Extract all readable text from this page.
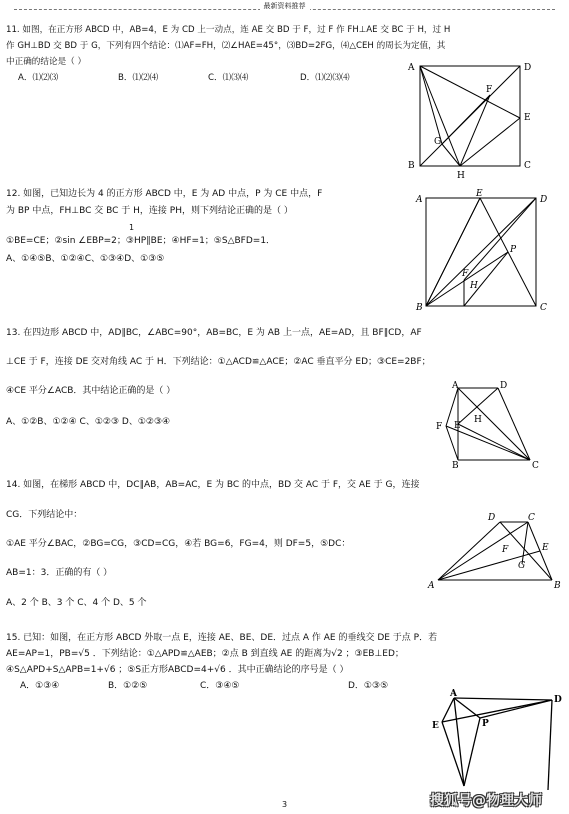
最新资料推荐
11. 如图，在正方形 ABCD 中，AB=4，E 为 CD 上一动点，连 AE 交 BD 于 F，过 F 作 FH⊥AE 交 BC 于 H，过 H
作 GH⊥BD 交 BD 于 G，下列有四个结论：⑴AF=FH，⑵∠HAE=45°，⑶BD=2FG，⑷△CEH 的周长为定值，其
中正确的结论是（ ）
A．⑴⑵⑶	B．⑴⑵⑷	C．⑴⑶⑷	D．⑴⑵⑶⑷
A
B	C
D
E
F
G
H
12. 如图，已知边长为 4 的正方形 ABCD 中，E 为 AD 中点，P 为 CE 中点，F
为 BP 中点，FH⊥BC 交 BC 于 H，连接 PH，则下列结论正确的是（ ）
1
①BE=CE；②sin ∠EBP=2；③HP∥BE；④HF=1；⑤S△BFD=1．
A、①④⑤B、①②④C、①③④D、①③⑤
A
B	C
D
E
F
H
P
13. 在四边形 ABCD 中，AD∥BC，∠ABC=90°，AB=BC，E 为 AB 上一点，AE=AD，且 BF∥CD，AF
⊥CE 于 F，连接 DE 交对角线 AC 于 H．下列结论：①△ACD≌△ACE；②AC 垂直平分 ED；③CE=2BF；
④CE 平分∠ACB．其中结论正确的是（ ）
A、①②B、①②④ C、①②③ D、①②③④
A
B	C
D
E
F
H
14. 如图，在梯形 ABCD 中，DC∥AB，AB=AC，E 为 BC 的中点，BD 交 AC 于 F，交 AE 于 G，连接
CG．下列结论中：
①AE 平分∠BAC，②BG=CG，③CD=CG，④若 BG=6，FG=4，则 DF=5，⑤DC：
AB=1：3．正确的有（ ）
A、2 个 B、3 个 C、4 个 D、5 个
A	B
C
D
E
F
G
15. 已知：如图，在正方形 ABCD 外取一点 E，连接 AE、BE、DE．过点 A 作 AE 的垂线交 DE 于点 P．若
AE=AP=1，PB=√5 ．下列结论：①△APD≌△AEB；②点 B 到直线 AE 的距离为√2 ；③EB⊥ED；
④S△APD+S△APB=1+√6 ；⑤S正方形ABCD=4+√6 ．其中正确结论的序号是（ ）
A．①③④	B．①②⑤	C．③④⑤	D．①③⑤
A
D
E	P
3	搜狐号@物理大师
